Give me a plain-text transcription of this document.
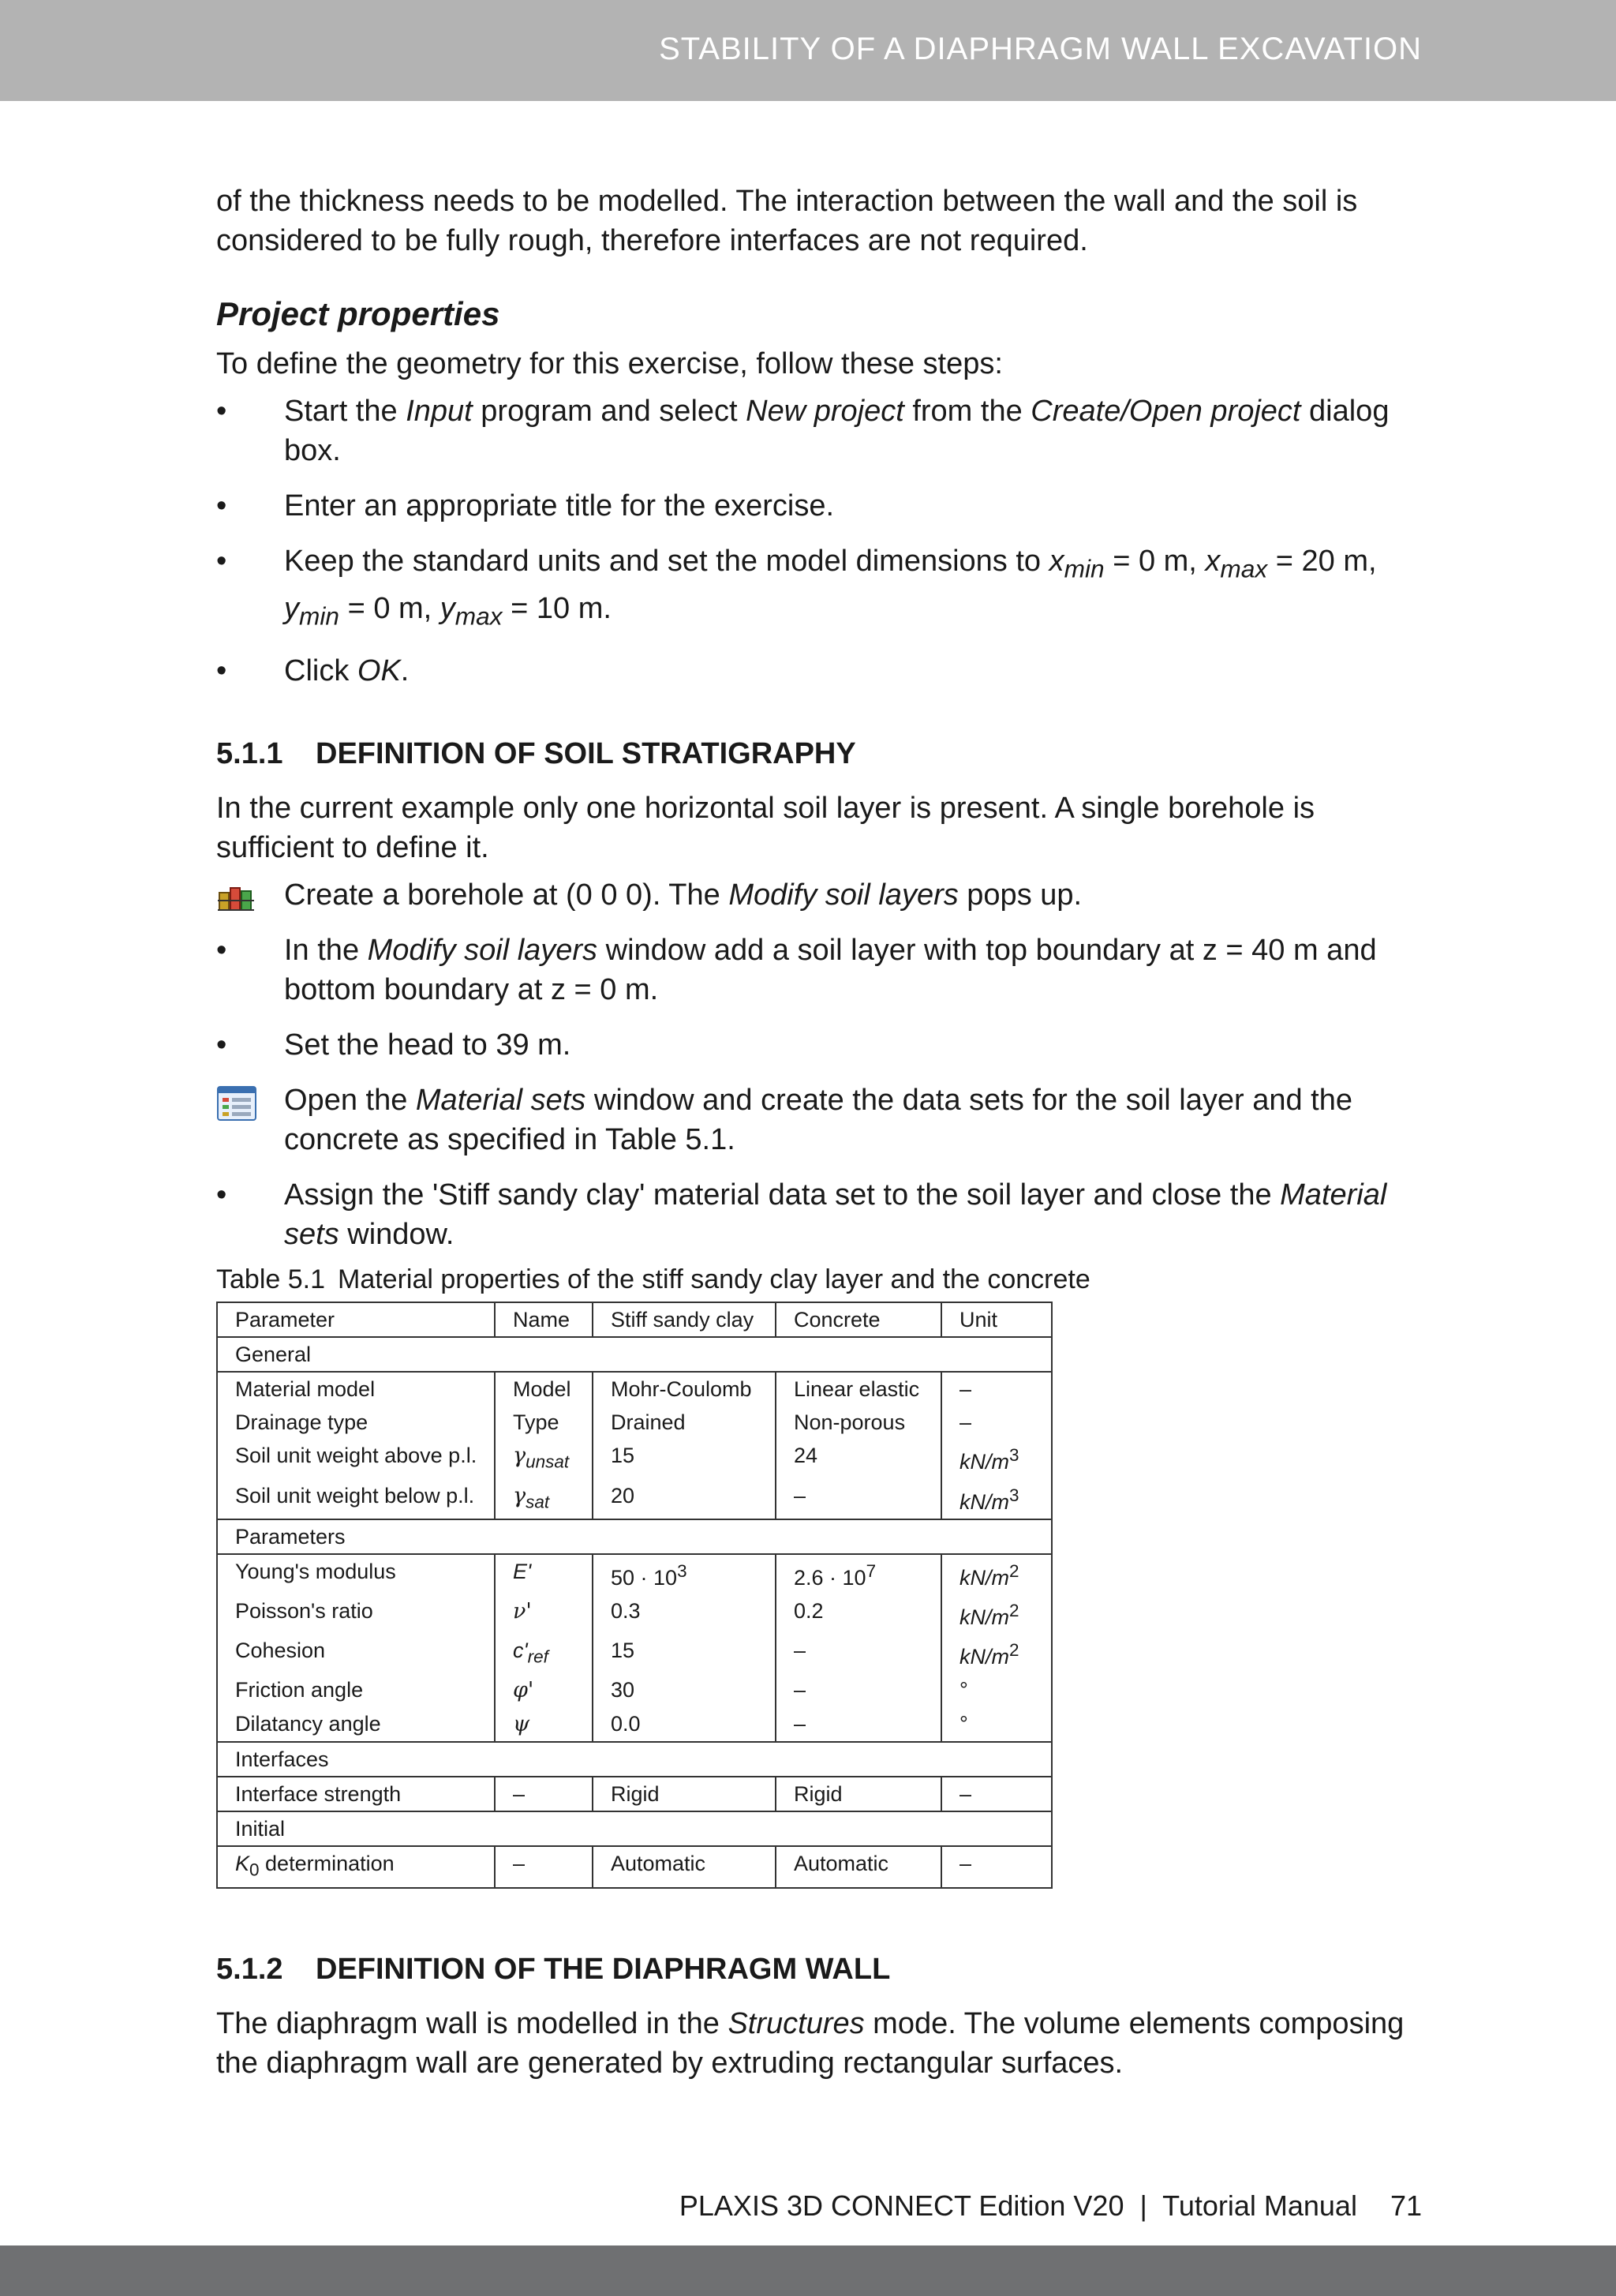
STABILITY OF A DIAPHRAGM WALL EXCAVATION

of the thickness needs to be modelled. The interaction between the wall and the soil is considered to be fully rough, therefore interfaces are not required.

Project properties

To define the geometry for this exercise, follow these steps:

•	Start the Input program and select New project from the Create/Open project dialog box.
•	Enter an appropriate title for the exercise.
•	Keep the standard units and set the model dimensions to $x_{min} = 0$ m, $x_{max} = 20$ m, $y_{min} = 0$ m, $y_{max} = 10$ m.
•	Click OK.
5.1.1 DEFINITION OF SOIL STRATIGRAPHY

In the current example only one horizontal soil layer is present. A single borehole is sufficient to define it.

Create a borehole at (0 0 0). The Modify soil layers pops up.
•	In the Modify soil layers window add a soil layer with top boundary at z = 40 m and bottom boundary at z = 0 m.
•	Set the head to 39 m.
Open the Material sets window and create the data sets for the soil layer and the concrete as specified in Table 5.1.
•	Assign the 'Stiff sandy clay' material data set to the soil layer and close the Material sets window.
Table 5.1 Material properties of the stiff sandy clay layer and the concrete
Parameter	Name	Stiff sandy clay	Concrete	Unit
General				
Material model	Model	Mohr-Coulomb	Linear elastic	–
Drainage type	Type	Drained	Non-porous	–
Soil unit weight above p.l.	$\gamma_{unsat}$	15	24	$kN/m^3$
Soil unit weight below p.l.	$\gamma_{sat}$	20	–	$kN/m^3$
Parameters				
Young's modulus	E'	$50 \cdot 10^3$	$2.6 \cdot 10^7$	$kN/m^2$
Poisson's ratio	ν'	0.3	0.2	$kN/m^2$
Cohesion	$c'_{ref}$	15	–	$kN/m^2$
Friction angle	φ'	30	–	°
Dilatancy angle	ψ	0.0	–	°
Interfaces				
Interface strength	–	Rigid	Rigid	–
Initial				
$K_0$ determination	–	Automatic	Automatic	–
5.1.2 DEFINITION OF THE DIAPHRAGM WALL

The diaphragm wall is modelled in the Structures mode. The volume elements composing the diaphragm wall are generated by extruding rectangular surfaces.

PLAXIS 3D CONNECT Edition V20  |  Tutorial Manual 71
